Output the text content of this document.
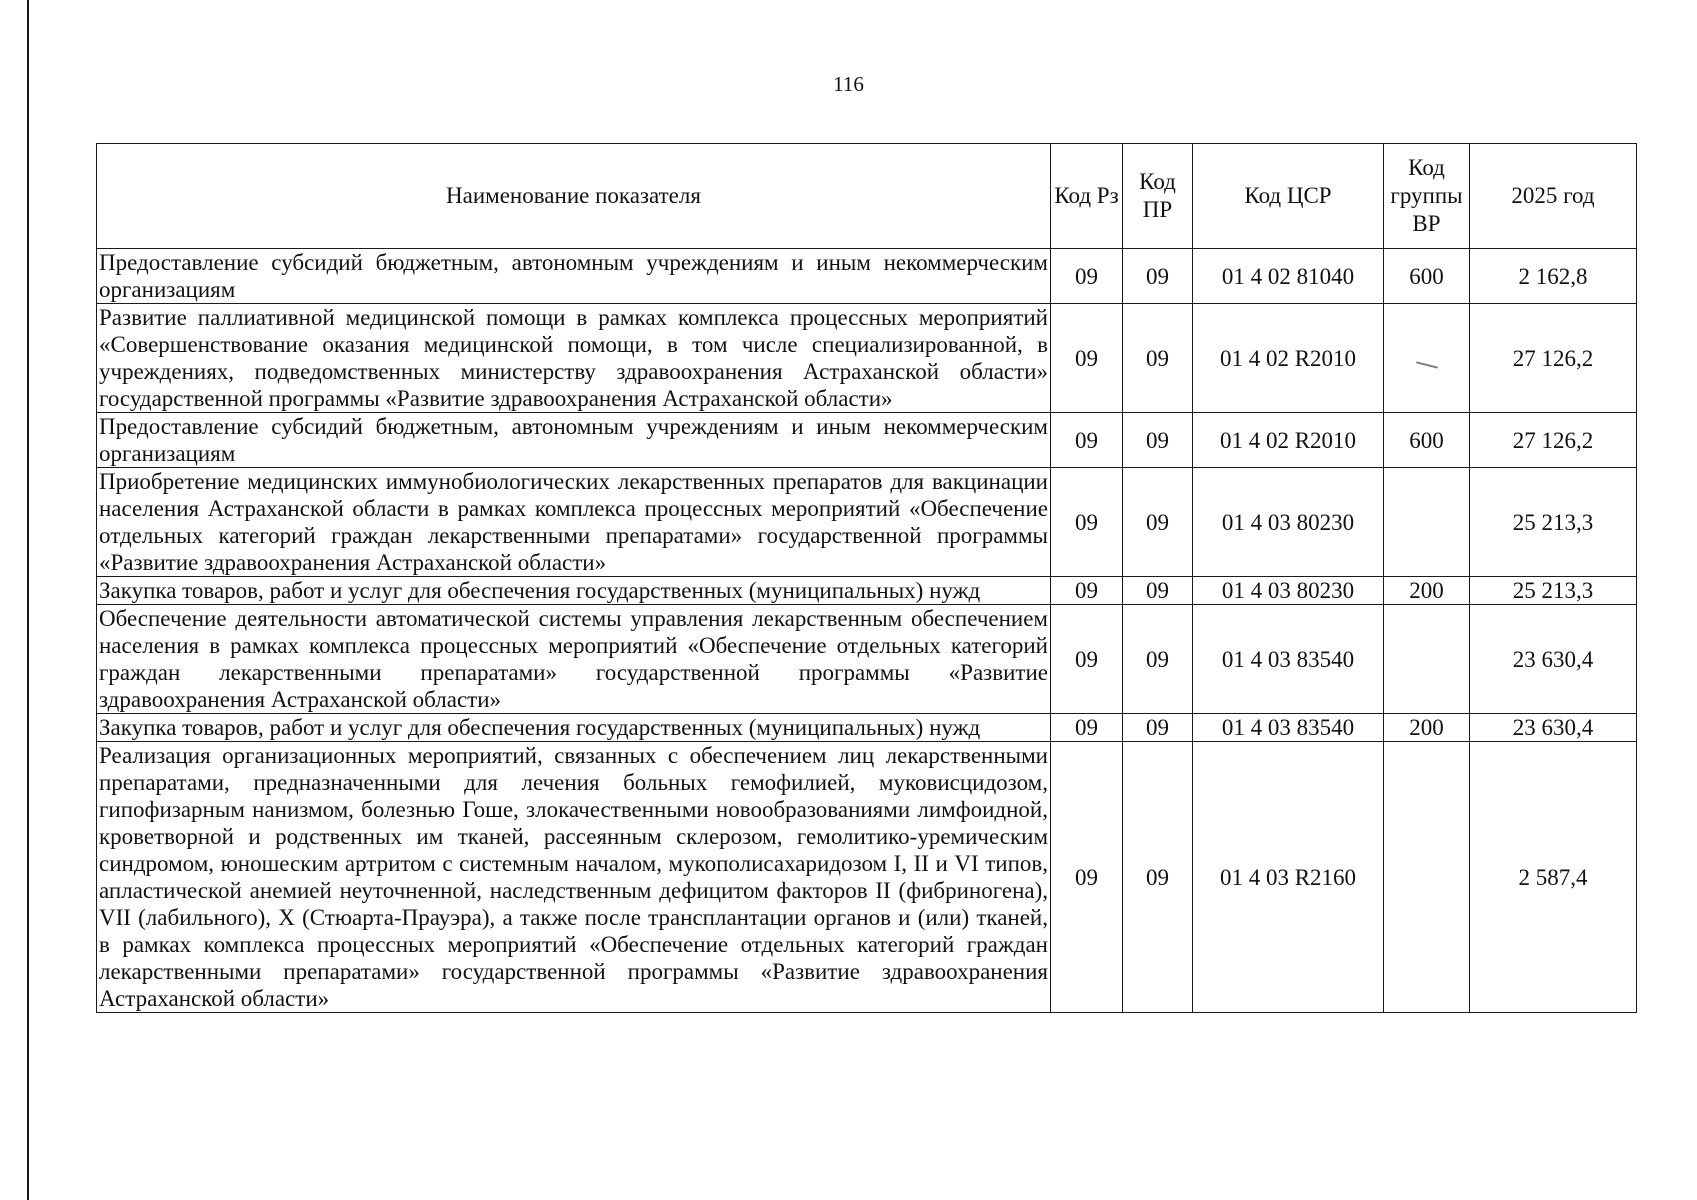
116
Наименование показателя	Код Рз	Код ПР	Код ЦСР	Код группы ВР	2025 год
Предоставление субсидий бюджетным, автономным учреждениям и иным некоммерческим организациям	09	09	01 4 02 81040	600	2 162,8
Развитие паллиативной медицинской помощи в рамках комплекса процессных мероприятий «Совершенствование оказания медицинской помощи, в том числе специализированной, в учреждениях, подведомственных министерству здравоохранения Астраханской области» государственной программы «Развитие здравоохранения Астраханской области»	09	09	01 4 02 R2010		27 126,2
Предоставление субсидий бюджетным, автономным учреждениям и иным некоммерческим организациям	09	09	01 4 02 R2010	600	27 126,2
Приобретение медицинских иммунобиологических лекарственных препаратов для вакцинации населения Астраханской области в рамках комплекса процессных мероприятий «Обеспечение отдельных категорий граждан лекарственными препаратами» государственной программы «Развитие здравоохранения Астраханской области»	09	09	01 4 03 80230		25 213,3
Закупка товаров, работ и услуг для обеспечения государственных (муниципальных) нужд	09	09	01 4 03 80230	200	25 213,3
Обеспечение деятельности автоматической системы управления лекарственным обеспечением населения в рамках комплекса процессных мероприятий «Обеспечение отдельных категорий граждан лекарственными препаратами» государственной программы «Развитие здравоохранения Астраханской области»	09	09	01 4 03 83540		23 630,4
Закупка товаров, работ и услуг для обеспечения государственных (муниципальных) нужд	09	09	01 4 03 83540	200	23 630,4
Реализация организационных мероприятий, связанных с обеспечением лиц лекарственными препаратами, предназначенными для лечения больных гемофилией, муковисцидозом, гипофизарным нанизмом, болезнью Гоше, злокачественными новообразованиями лимфоидной, кроветворной и родственных им тканей, рассеянным склерозом, гемолитико-уремическим синдромом, юношеским артритом с системным началом, мукополисахаридозом I, II и VI типов, апластической анемией неуточненной, наследственным дефицитом факторов II (фибриногена), VII (лабильного), X (Стюарта-Прауэра), а также после трансплантации органов и (или) тканей, в рамках комплекса процессных мероприятий «Обеспечение отдельных категорий граждан лекарственными препаратами» государственной программы «Развитие здравоохранения Астраханской области»	09	09	01 4 03 R2160		2 587,4
